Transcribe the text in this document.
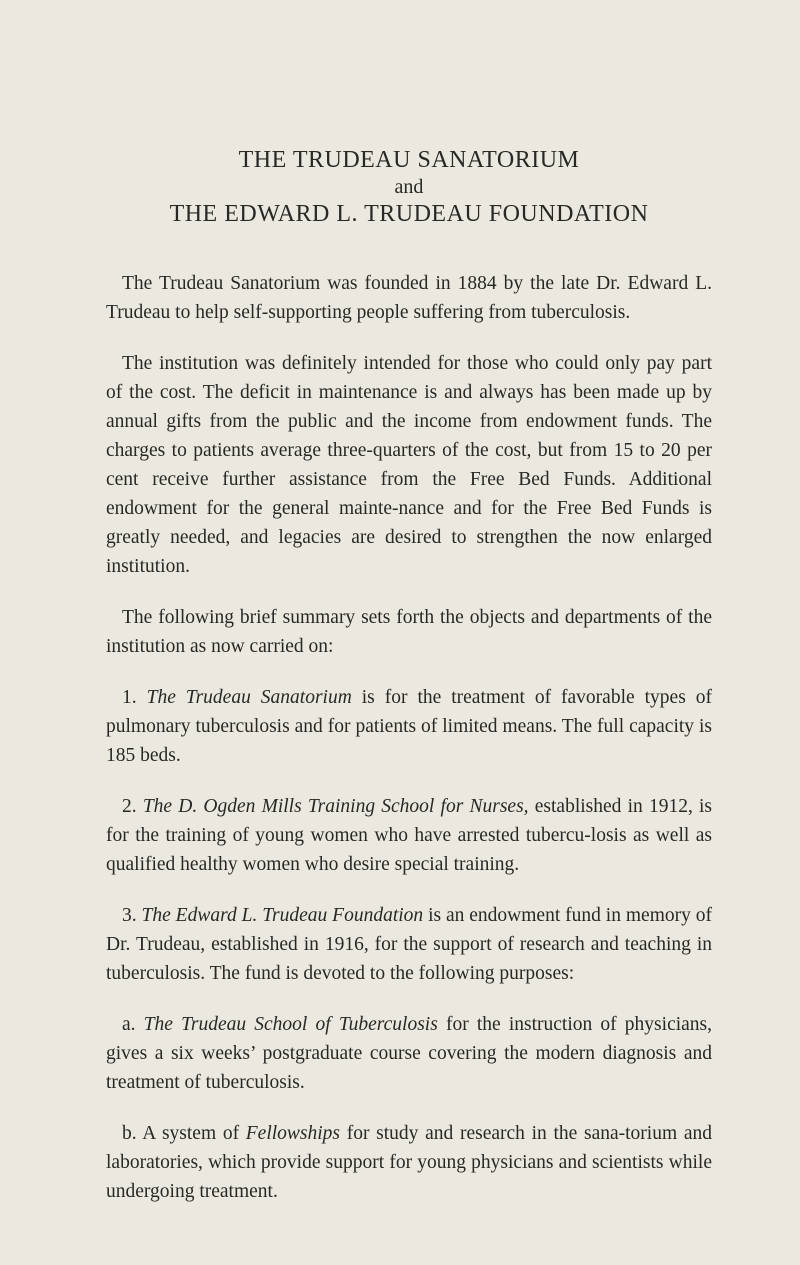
THE TRUDEAU SANATORIUM
and
THE EDWARD L. TRUDEAU FOUNDATION

The Trudeau Sanatorium was founded in 1884 by the late Dr. Edward L. Trudeau to help self-supporting people suffering from tuberculosis.

The institution was definitely intended for those who could only pay part of the cost. The deficit in maintenance is and always has been made up by annual gifts from the public and the income from endowment funds. The charges to patients average three-quarters of the cost, but from 15 to 20 per cent receive further assistance from the Free Bed Funds. Additional endowment for the general mainte-nance and for the Free Bed Funds is greatly needed, and legacies are desired to strengthen the now enlarged institution.

The following brief summary sets forth the objects and departments of the institution as now carried on:

1. The Trudeau Sanatorium is for the treatment of favorable types of pulmonary tuberculosis and for patients of limited means. The full capacity is 185 beds.

2. The D. Ogden Mills Training School for Nurses, established in 1912, is for the training of young women who have arrested tubercu-losis as well as qualified healthy women who desire special training.

3. The Edward L. Trudeau Foundation is an endowment fund in memory of Dr. Trudeau, established in 1916, for the support of research and teaching in tuberculosis. The fund is devoted to the following purposes:

a. The Trudeau School of Tuberculosis for the instruction of physicians, gives a six weeks’ postgraduate course covering the modern diagnosis and treatment of tuberculosis.

b. A system of Fellowships for study and research in the sana-torium and laboratories, which provide support for young physicians and scientists while undergoing treatment.
